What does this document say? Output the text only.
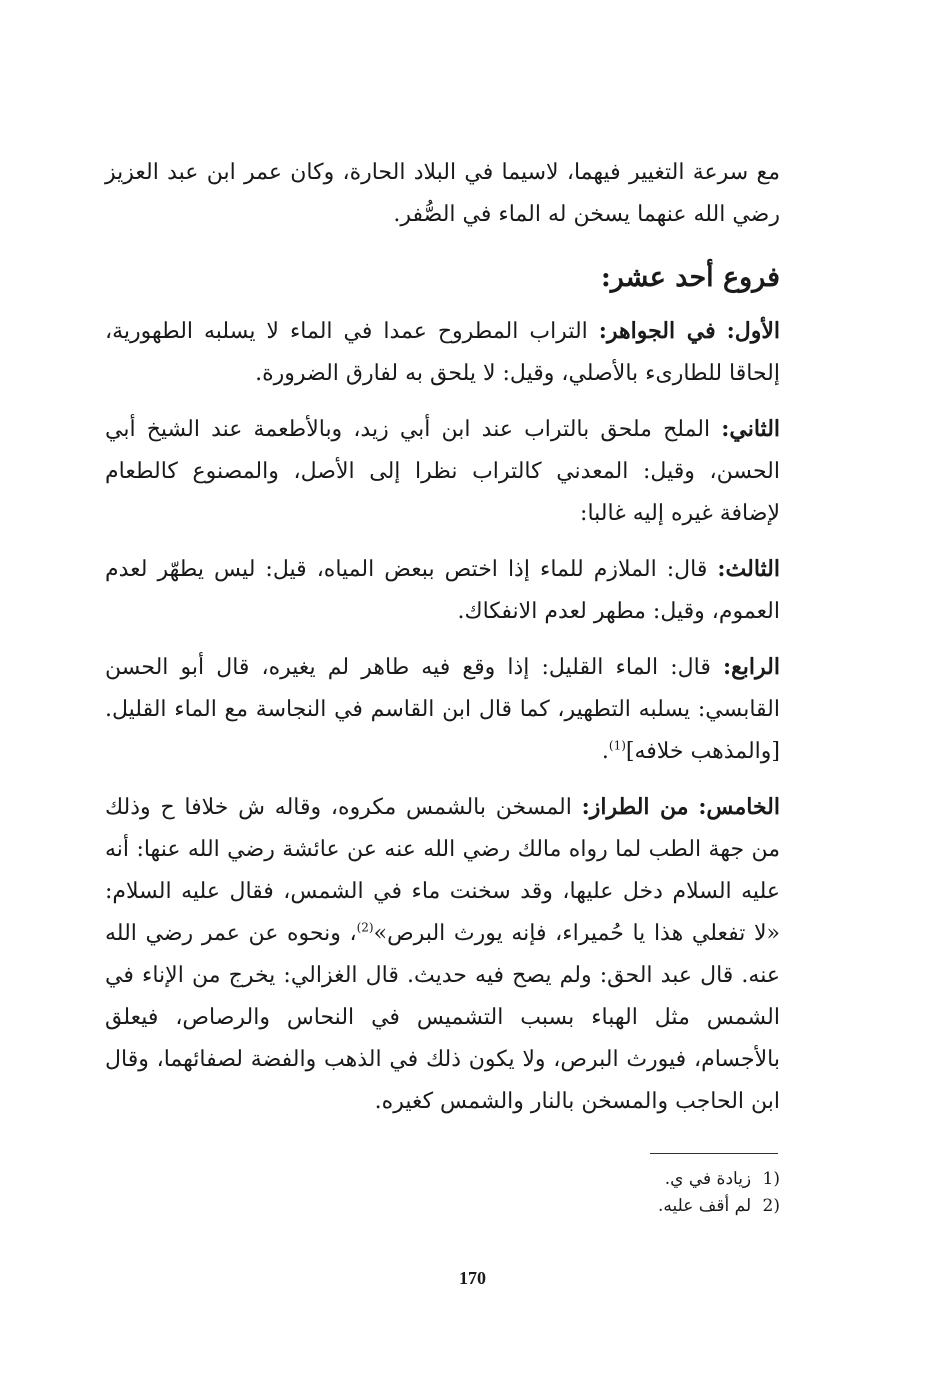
مع سرعة التغيير فيهما، لاسيما في البلاد الحارة، وكان عمر ابن عبد العزيز رضي الله عنهما يسخن له الماء في الصُّفر.

فروع أحد عشر:

الأول: في الجواهر: التراب المطروح عمدا في الماء لا يسلبه الطهورية، إلحاقا للطارىء بالأصلي، وقيل: لا يلحق به لفارق الضرورة.

الثاني: الملح ملحق بالتراب عند ابن أبي زيد، وبالأطعمة عند الشيخ أبي الحسن، وقيل: المعدني كالتراب نظرا إلى الأصل، والمصنوع كالطعام لإضافة غيره إليه غالبا:

الثالث: قال: الملازم للماء إذا اختص ببعض المياه، قيل: ليس يطهّر لعدم العموم، وقيل: مطهر لعدم الانفكاك.

الرابع: قال: الماء القليل: إذا وقع فيه طاهر لم يغيره، قال أبو الحسن القابسي: يسلبه التطهير، كما قال ابن القاسم في النجاسة مع الماء القليل. [والمذهب خلافه]$^{(1)}$.

الخامس: من الطراز: المسخن بالشمس مكروه، وقاله ش خلافا ح وذلك من جهة الطب لما رواه مالك رضي الله عنه عن عائشة رضي الله عنها: أنه عليه السلام دخل عليها، وقد سخنت ماء في الشمس، فقال عليه السلام: «لا تفعلي هذا يا حُميراء، فإنه يورث البرص»$^{(2)}$، ونحوه عن عمر رضي الله عنه. قال عبد الحق: ولم يصح فيه حديث. قال الغزالي: يخرج من الإناء في الشمس مثل الهباء بسبب التشميس في النحاس والرصاص، فيعلق بالأجسام، فيورث البرص، ولا يكون ذلك في الذهب والفضة لصفائهما، وقال ابن الحاجب والمسخن بالنار والشمس كغيره.

1) زيادة في ي.
2) لم أقف عليه.
170
